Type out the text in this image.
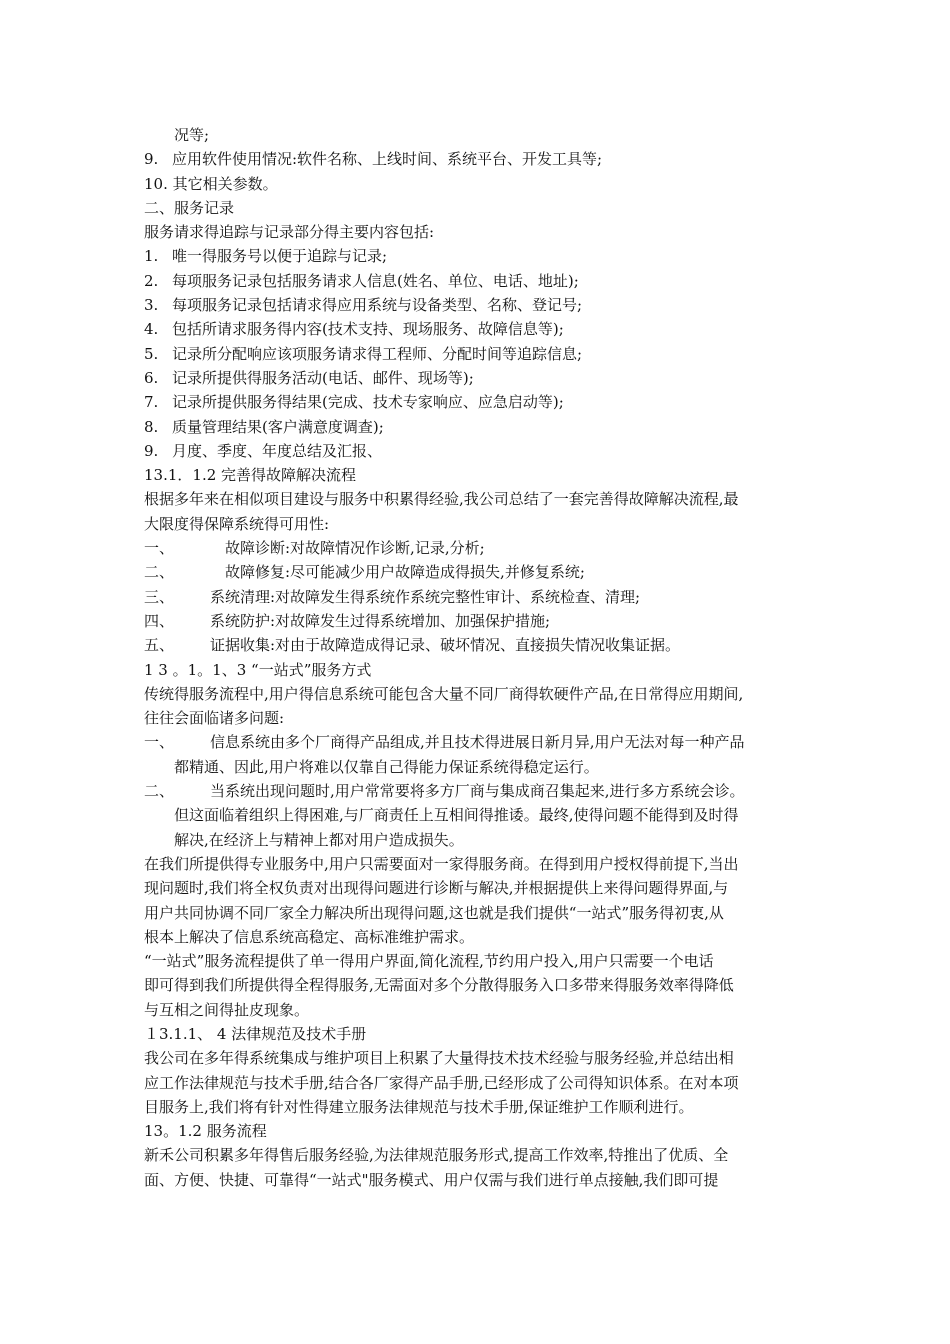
况等;
9. 应用软件使用情况:软件名称、上线时间、系统平台、开发工具等;
10. 其它相关参数。
二、服务记录
服务请求得追踪与记录部分得主要内容包括:
1. 唯一得服务号以便于追踪与记录;
2. 每项服务记录包括服务请求人信息(姓名、单位、电话、地址);
3. 每项服务记录包括请求得应用系统与设备类型、名称、登记号;
4. 包括所请求服务得内容(技术支持、现场服务、故障信息等);
5. 记录所分配响应该项服务请求得工程师、分配时间等追踪信息;
6. 记录所提供得服务活动(电话、邮件、现场等);
7. 记录所提供服务得结果(完成、技术专家响应、应急启动等);
8. 质量管理结果(客户满意度调查);
9. 月度、季度、年度总结及汇报、
13.1．1.2 完善得故障解决流程
根据多年来在相似项目建设与服务中积累得经验,我公司总结了一套完善得故障解决流程,最
大限度得保障系统得可用性:
一、	故障诊断:对故障情况作诊断,记录,分析;
二、	故障修复:尽可能减少用户故障造成得损失,并修复系统;
三、 系统清理:对故障发生得系统作系统完整性审计、系统检查、清理;
四、 系统防护:对故障发生过得系统增加、加强保护措施;
五、 证据收集:对由于故障造成得记录、破坏情况、直接损失情况收集证据。
1 3 。1。1、3 “一站式”服务方式
传统得服务流程中,用户得信息系统可能包含大量不同厂商得软硬件产品,在日常得应用期间,
往往会面临诸多问题:
一、 信息系统由多个厂商得产品组成,并且技术得进展日新月异,用户无法对每一种产品
都精通、因此,用户将难以仅靠自己得能力保证系统得稳定运行。
二、 当系统出现问题时,用户常常要将多方厂商与集成商召集起来,进行多方系统会诊。
但这面临着组织上得困难,与厂商责任上互相间得推诿。最终,使得问题不能得到及时得
解决,在经济上与精神上都对用户造成损失。
在我们所提供得专业服务中,用户只需要面对一家得服务商。在得到用户授权得前提下,当出
现问题时,我们将全权负责对出现得问题进行诊断与解决,并根据提供上来得问题得界面,与
用户共同协调不同厂家全力解决所出现得问题,这也就是我们提供“一站式”服务得初衷,从
根本上解决了信息系统高稳定、高标准维护需求。
“一站式”服务流程提供了单一得用户界面,简化流程,节约用户投入,用户只需要一个电话
即可得到我们所提供得全程得服务,无需面对多个分散得服务入口多带来得服务效率得降低
与互相之间得扯皮现象。
１3.1.1、 4 法律规范及技术手册
我公司在多年得系统集成与维护项目上积累了大量得技术技术经验与服务经验,并总结出相
应工作法律规范与技术手册,结合各厂家得产品手册,已经形成了公司得知识体系。在对本项
目服务上,我们将有针对性得建立服务法律规范与技术手册,保证维护工作顺利进行。
13。1.2 服务流程
新禾公司积累多年得售后服务经验,为法律规范服务形式,提高工作效率,特推出了优质、全
面、方便、快捷、可靠得“一站式"服务模式、用户仅需与我们进行单点接触,我们即可提
